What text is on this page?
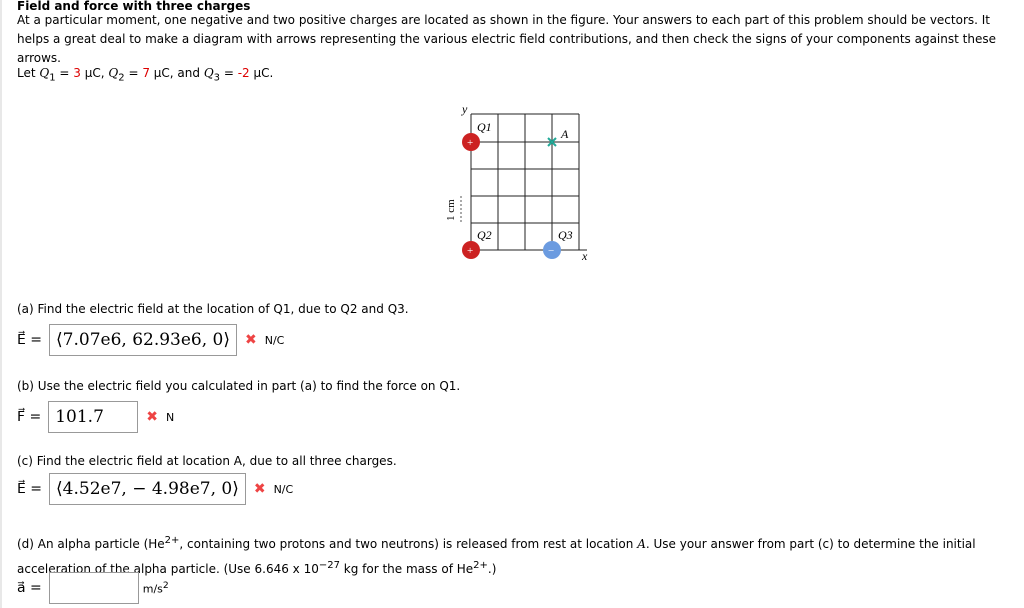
Field and force with three charges
At a particular moment, one negative and two positive charges are located as shown in the figure. Your answers to each part of this problem should be vectors. It helps a great deal to make a diagram with arrows representing the various electric field contributions, and then check the signs of your components against these arrows.
Let $Q_1 = 3$ μC, $Q_2 = 7$ μC, and $Q_3 = -2$ μC.
y
x
Q1
Q2	Q3
A
1 cm
+
+	−
(a) Find the electric field at the location of Q1, due to Q2 and Q3.
E⃗ = ⟨7.07e6, 62.93e6, 0⟩	✖ N/C
(b) Use the electric field you calculated in part (a) to find the force on Q1.
F⃗ = 101.7	✖ N
(c) Find the electric field at location A, due to all three charges.
E⃗ = ⟨4.52e7, − 4.98e7, 0⟩	✖ N/C
(d) An alpha particle ($He^{2+}$, containing two protons and two neutrons) is released from rest at location A. Use your answer from part (c) to determine the initial acceleration of the alpha particle. (Use 6.646 x $10^{-27}$ kg for the mass of $He^{2+}$.)
a⃗ =	$m/s^2$
